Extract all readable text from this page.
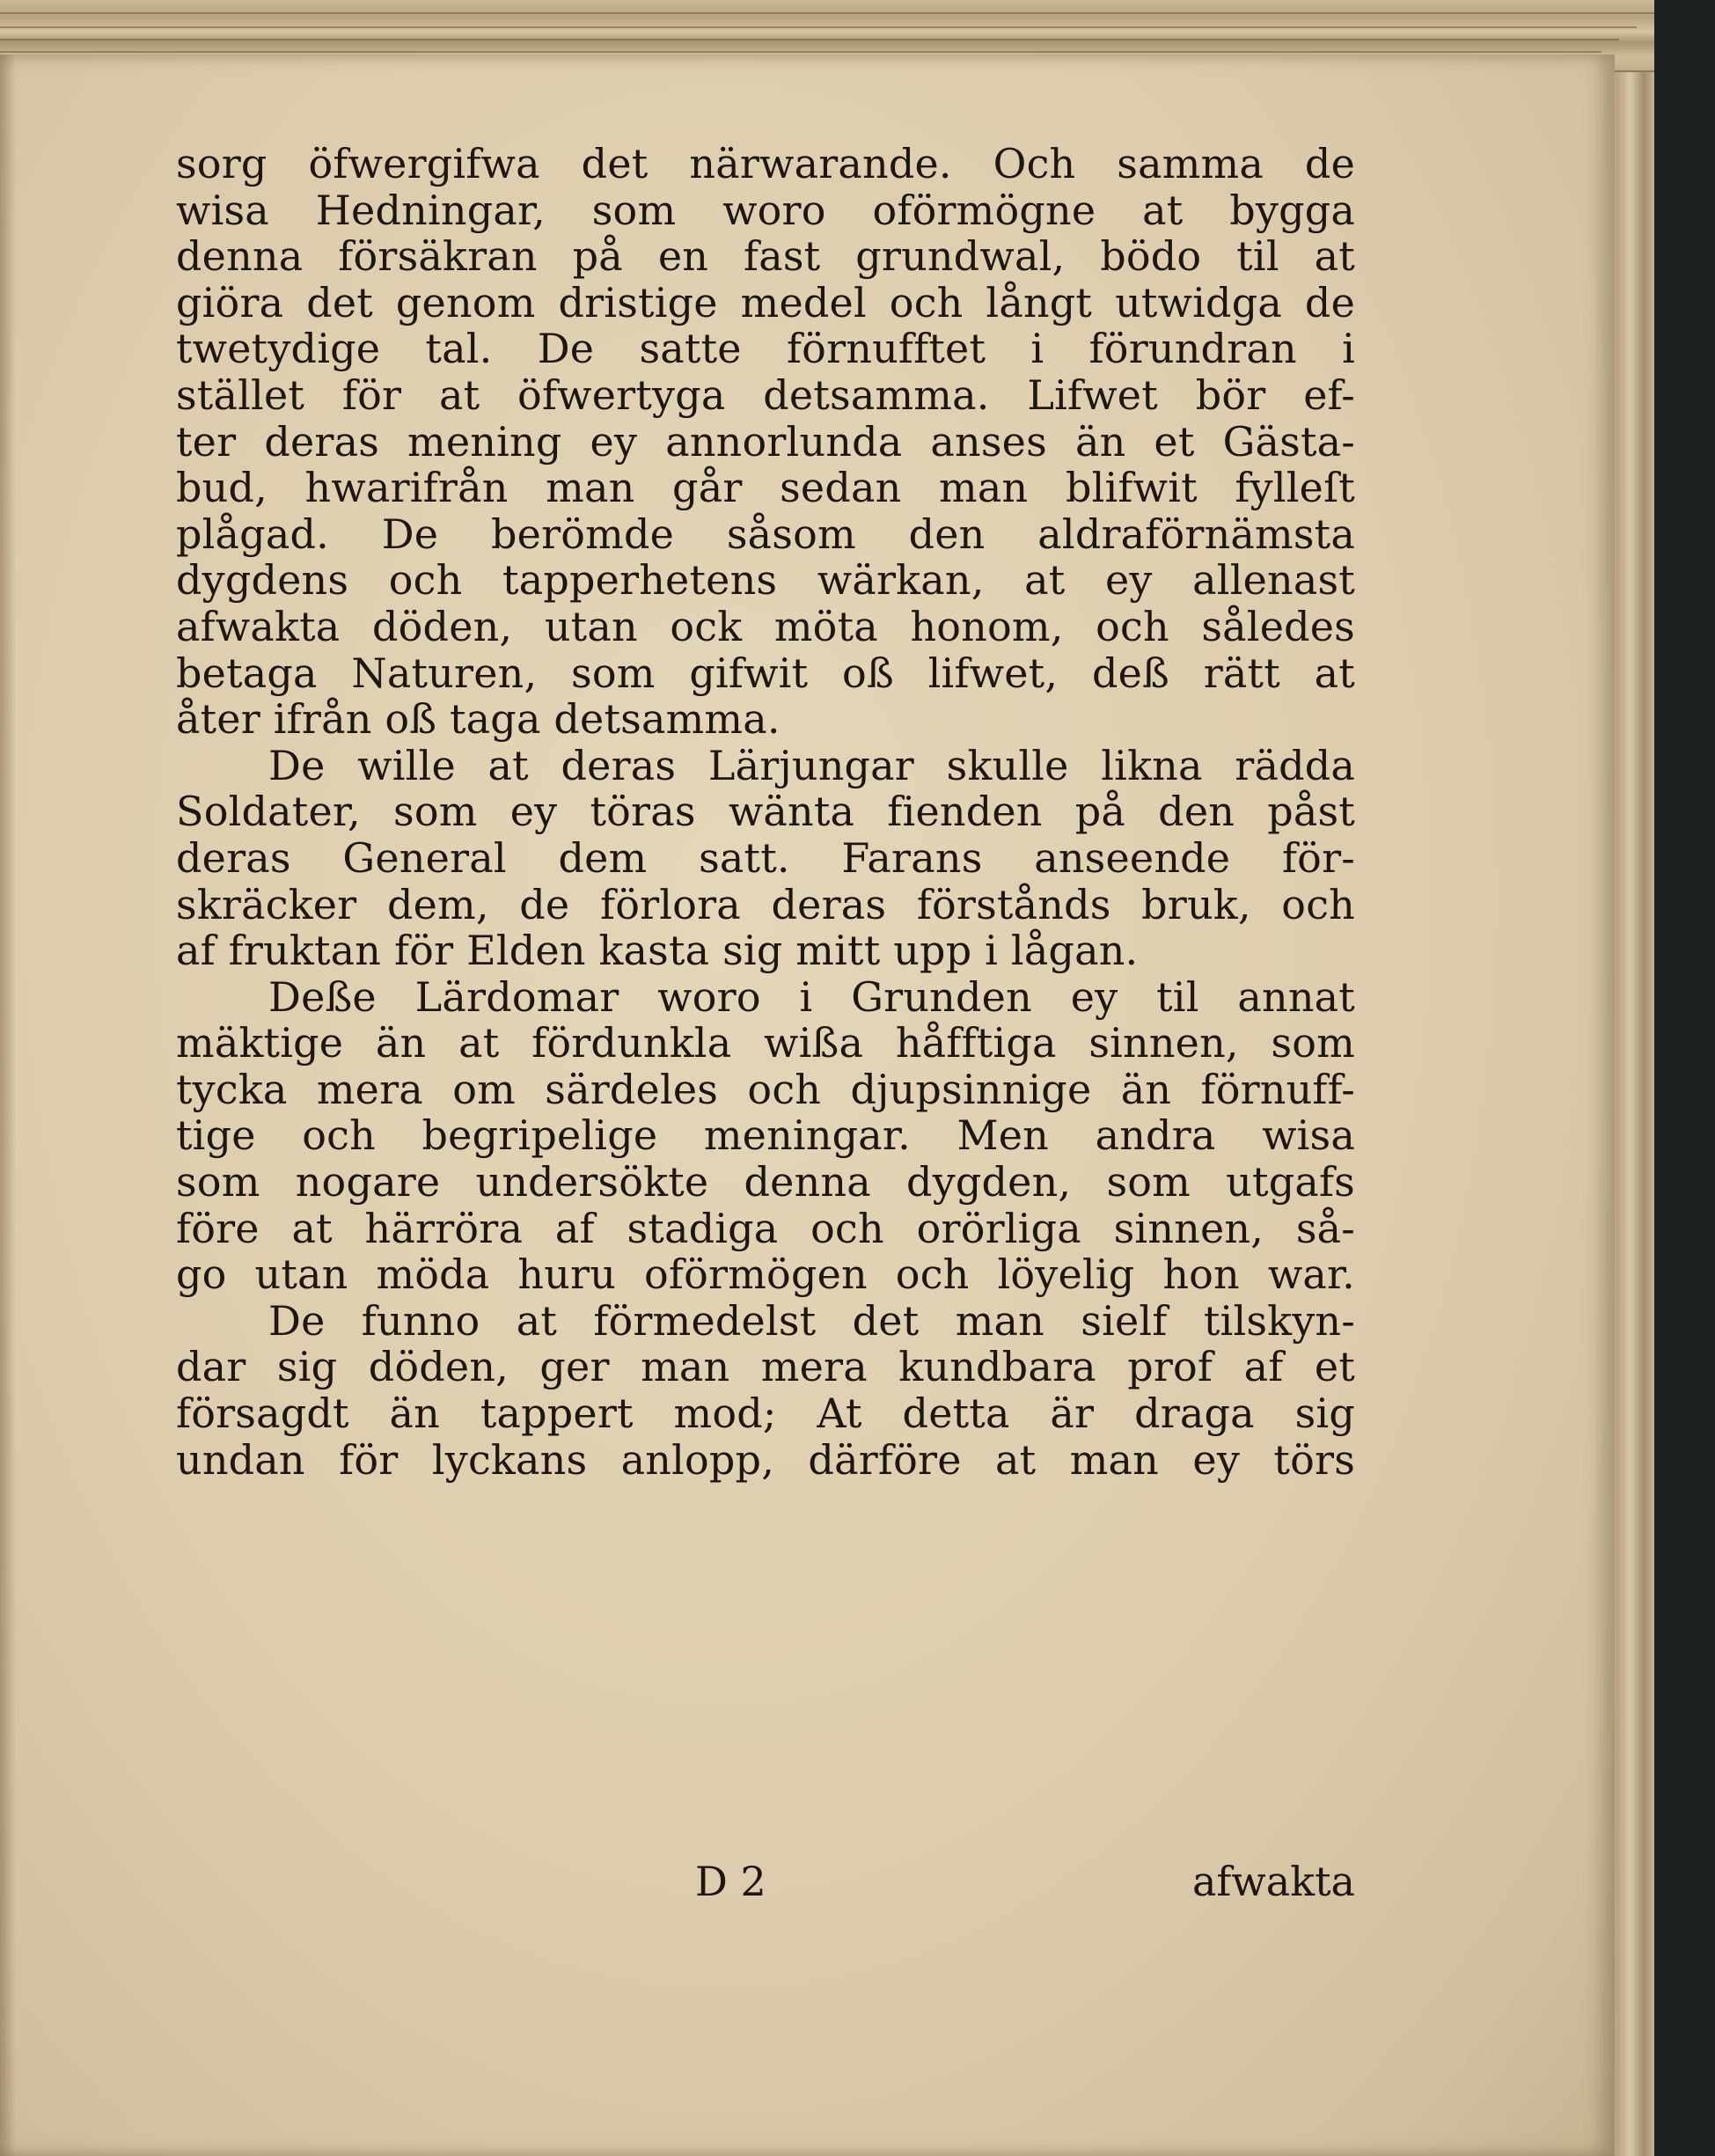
sorg öfwergifwa det närwarande. Och samma de
wisa Hedningar, som woro oförmögne at bygga
denna försäkran på en fast grundwal, bödo til at
giöra det genom dristige medel och långt utwidga de
twetydige tal. De satte förnufftet i förundran i
stället för at öfwertyga detsamma. Lifwet bör ef-
ter deras mening ey annorlunda anses än et Gästa-
bud, hwarifrån man går sedan man blifwit fylleſt
plågad. De berömde såsom den aldraförnämsta
dygdens och tapperhetens wärkan, at ey allenast
afwakta döden, utan ock möta honom, och således
betaga Naturen, som gifwit oß lifwet, deß rätt at
åter ifrån oß taga detsamma.

De wille at deras Lärjungar skulle likna rädda
Soldater, som ey töras wänta fienden på den påst
deras General dem satt. Farans anseende för-
skräcker dem, de förlora deras förstånds bruk, och
af fruktan för Elden kasta sig mitt upp i lågan.

Deße Lärdomar woro i Grunden ey til annat
mäktige än at fördunkla wißa håfftiga sinnen, som
tycka mera om särdeles och djupsinnige än förnuff-
tige och begripelige meningar. Men andra wisa
som nogare undersökte denna dygden, som utgafs
före at härröra af stadiga och orörliga sinnen, så-
go utan möda huru oförmögen och löyelig hon war.

De funno at förmedelst det man sielf tilskyn-
dar sig döden, ger man mera kundbara prof af et
försagdt än tappert mod; At detta är draga sig
undan för lyckans anlopp, därföre at man ey törs

D 2	afwakta
